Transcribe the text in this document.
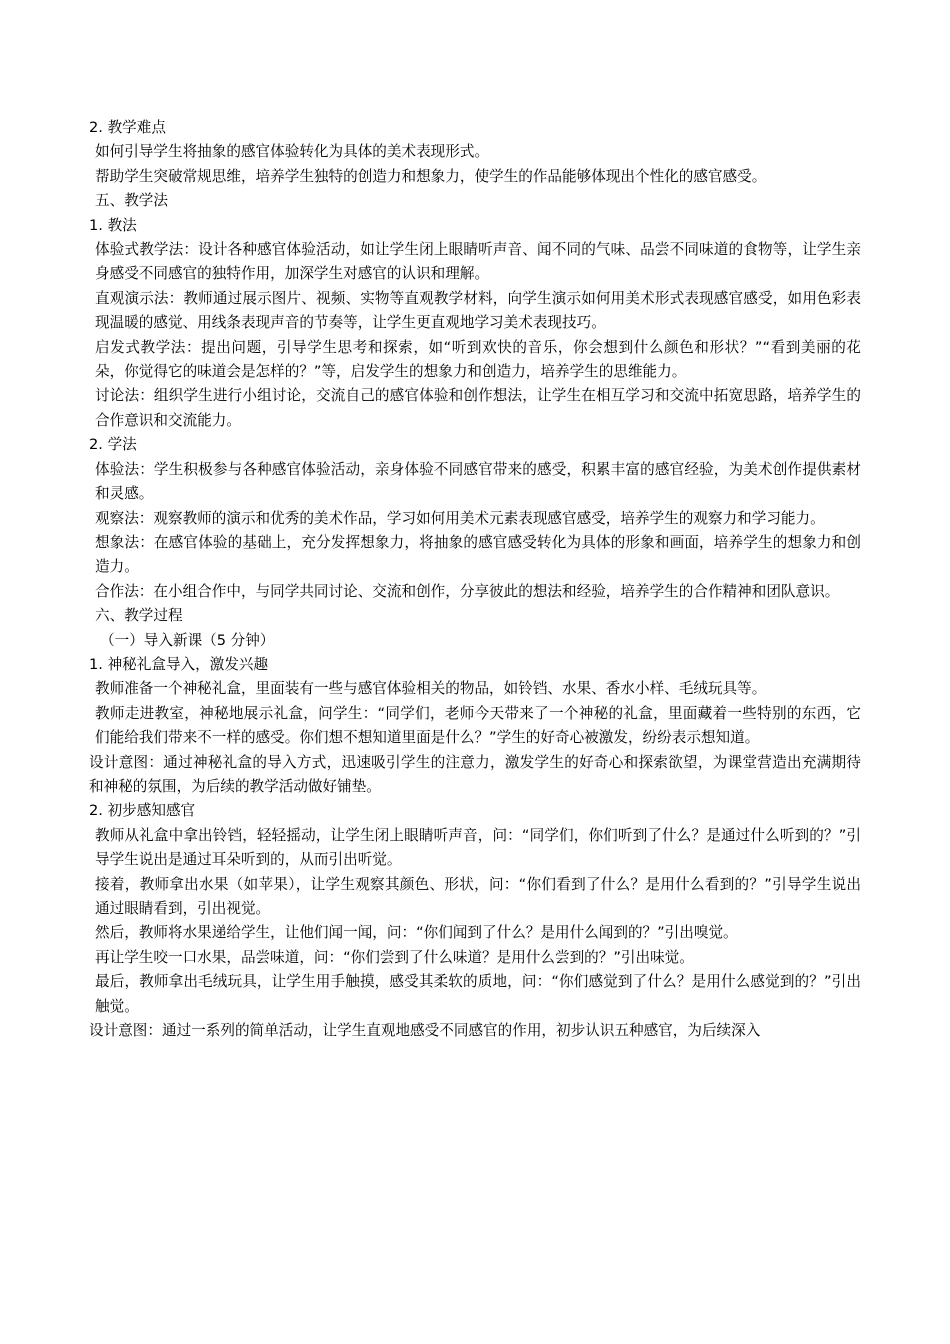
2. 教学难点

如何引导学生将抽象的感官体验转化为具体的美术表现形式。

帮助学生突破常规思维，培养学生独特的创造力和想象力，使学生的作品能够体现出个性化的感官感受。

五、教学法

1. 教法

体验式教学法：设计各种感官体验活动，如让学生闭上眼睛听声音、闻不同的气味、品尝不同味道的食物等，让学生亲身感受不同感官的独特作用，加深学生对感官的认识和理解。

直观演示法：教师通过展示图片、视频、实物等直观教学材料，向学生演示如何用美术形式表现感官感受，如用色彩表现温暖的感觉、用线条表现声音的节奏等，让学生更直观地学习美术表现技巧。

启发式教学法：提出问题，引导学生思考和探索，如“听到欢快的音乐，你会想到什么颜色和形状？”“看到美丽的花朵，你觉得它的味道会是怎样的？”等，启发学生的想象力和创造力，培养学生的思维能力。

讨论法：组织学生进行小组讨论，交流自己的感官体验和创作想法，让学生在相互学习和交流中拓宽思路，培养学生的合作意识和交流能力。

2. 学法

体验法：学生积极参与各种感官体验活动，亲身体验不同感官带来的感受，积累丰富的感官经验，为美术创作提供素材和灵感。

观察法：观察教师的演示和优秀的美术作品，学习如何用美术元素表现感官感受，培养学生的观察力和学习能力。

想象法：在感官体验的基础上，充分发挥想象力，将抽象的感官感受转化为具体的形象和画面，培养学生的想象力和创造力。

合作法：在小组合作中，与同学共同讨论、交流和创作，分享彼此的想法和经验，培养学生的合作精神和团队意识。

六、教学过程

（一）导入新课（5 分钟）

1. 神秘礼盒导入，激发兴趣

教师准备一个神秘礼盒，里面装有一些与感官体验相关的物品，如铃铛、水果、香水小样、毛绒玩具等。

教师走进教室，神秘地展示礼盒，问学生：“同学们，老师今天带来了一个神秘的礼盒，里面藏着一些特别的东西，它们能给我们带来不一样的感受。你们想不想知道里面是什么？”学生的好奇心被激发，纷纷表示想知道。

设计意图：通过神秘礼盒的导入方式，迅速吸引学生的注意力，激发学生的好奇心和探索欲望，为课堂营造出充满期待和神秘的氛围，为后续的教学活动做好铺垫。

2. 初步感知感官

教师从礼盒中拿出铃铛，轻轻摇动，让学生闭上眼睛听声音，问：“同学们，你们听到了什么？是通过什么听到的？”引导学生说出是通过耳朵听到的，从而引出听觉。

接着，教师拿出水果（如苹果），让学生观察其颜色、形状，问：“你们看到了什么？是用什么看到的？”引导学生说出通过眼睛看到，引出视觉。

然后，教师将水果递给学生，让他们闻一闻，问：“你们闻到了什么？是用什么闻到的？”引出嗅觉。

再让学生咬一口水果，品尝味道，问：“你们尝到了什么味道？是用什么尝到的？”引出味觉。

最后，教师拿出毛绒玩具，让学生用手触摸，感受其柔软的质地，问：“你们感觉到了什么？是用什么感觉到的？”引出触觉。

设计意图：通过一系列的简单活动，让学生直观地感受不同感官的作用，初步认识五种感官，为后续深入
